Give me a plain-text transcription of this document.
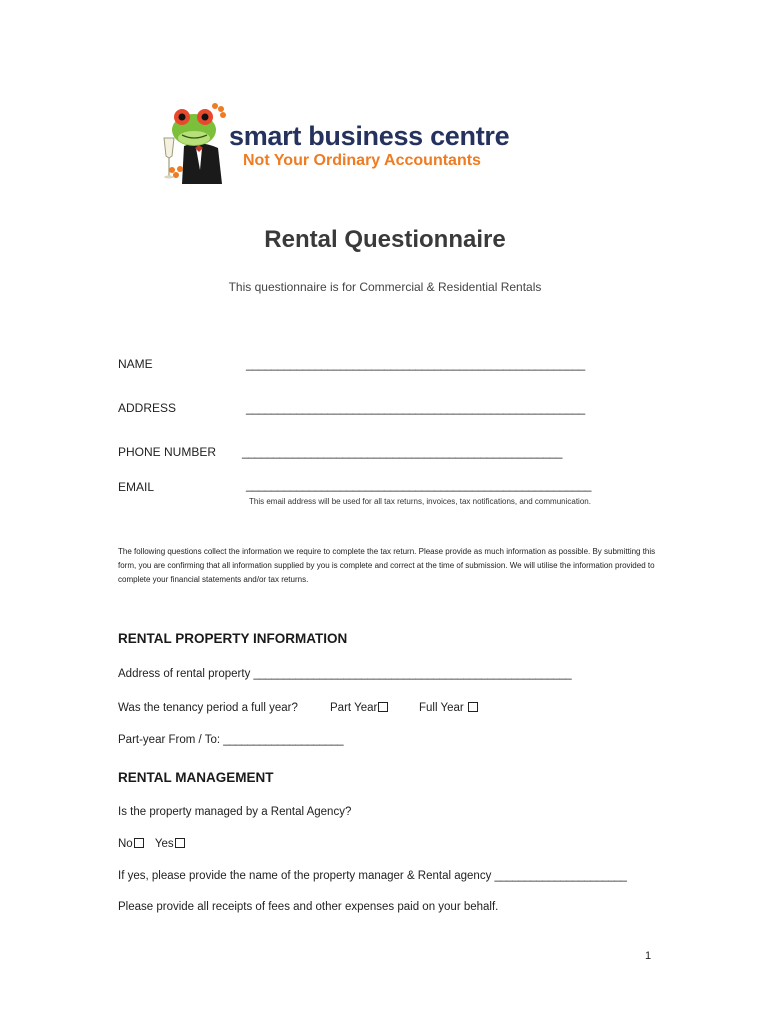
smart business centre
Not Your Ordinary Accountants
Rental Questionnaire
This questionnaire is for Commercial & Residential Rentals
NAME	______________________________________________________
ADDRESS	______________________________________________________
PHONE NUMBER ___________________________________________________
EMAIL	_______________________________________________________
This email address will be used for all tax returns, invoices, tax notifications, and communication.
The following questions collect the information we require to complete the tax return. Please provide as much information as possible. By submitting this form, you are confirming that all information supplied by you is complete and correct at the time of submission. We will utilise the information provided to complete your financial statements and/or tax returns.
RENTAL PROPERTY INFORMATION
Address of rental property _____________________________________________________
Was the tenancy period a full year?	Part Year	Full Year
Part-year From / To: ____________________
RENTAL MANAGEMENT
Is the property managed by a Rental Agency?
No Yes
If yes, please provide the name of the property manager & Rental agency ______________________
Please provide all receipts of fees and other expenses paid on your behalf.
1
